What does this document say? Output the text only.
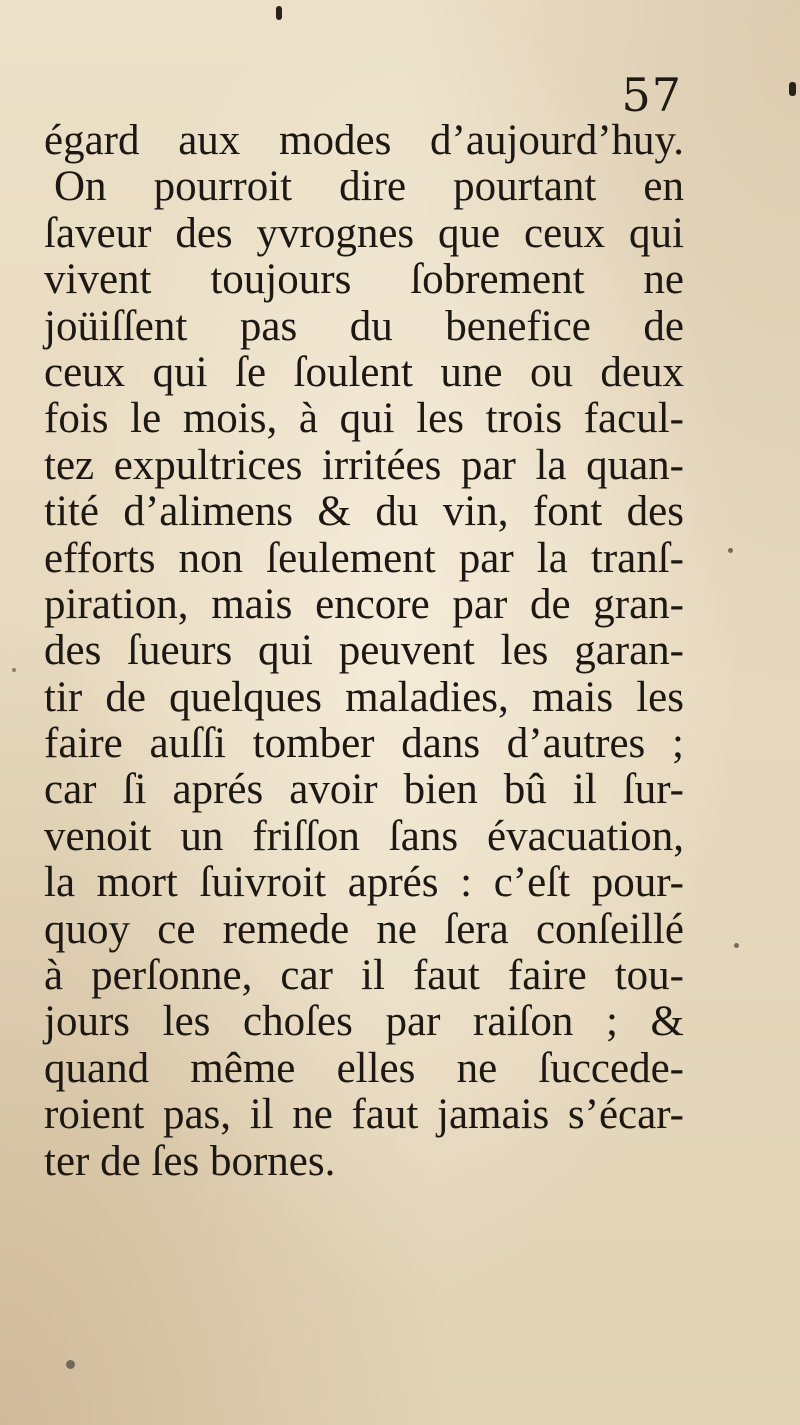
57
égard aux modes d’aujourd’huy.
On pourroit dire pourtant en
ſaveur des yvrognes que ceux qui
vivent toujours ſobrement ne
joüiſſent pas du benefice de
ceux qui ſe ſoulent une ou deux
fois le mois, à qui les trois facul-
tez expultrices irritées par la quan-
tité d’alimens & du vin, font des
efforts non ſeulement par la tranſ-
piration, mais encore par de gran-
des ſueurs qui peuvent les garan-
tir de quelques maladies, mais les
faire auſſi tomber dans d’autres ;
car ſi aprés avoir bien bû il ſur-
venoit un friſſon ſans évacuation,
la mort ſuivroit aprés : c’eſt pour-
quoy ce remede ne ſera conſeillé
à perſonne, car il faut faire tou-
jours les choſes par raiſon ; &
quand même elles ne ſuccede-
roient pas, il ne faut jamais s’écar-
ter de ſes bornes.
